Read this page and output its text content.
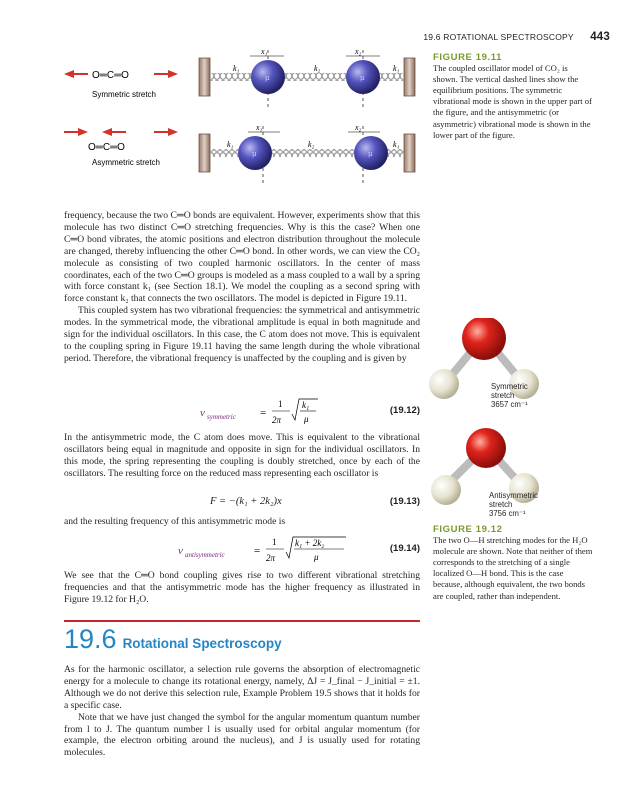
19.6 ROTATIONAL SPECTROSCOPY 443
O═C═O
Symmetric stretch
μ	μ
k₁	k₂	k₁
x₁	x₂
O═C═O
Asymmetric stretch
μ	μ
k₁	k₂	k₁
x₁	x₂
FIGURE 19.11
The coupled oscillator model of CO₂ is shown. The vertical dashed lines show the equilibrium positions. The symmetric vibrational mode is shown in the upper part of the figure, and the antisymmetric (or asymmetric) vibrational mode is shown in the lower part of the figure.

frequency, because the two C═O bonds are equivalent. However, experiments show that this molecule has two distinct C═O stretching frequencies. Why is this the case? When one C═O bond vibrates, the atomic positions and electron distribution throughout the molecule are changed, thereby influencing the other C═O bond. In other words, we can view the CO₂ molecule as consisting of two coupled harmonic oscillators. In the center of mass coordinates, each of the two C═O groups is modeled as a mass coupled to a wall by a spring with force constant k₁ (see Section 18.1). We model the coupling as a second spring with force constant k₂ that connects the two oscillators. The model is depicted in Figure 19.11.

This coupled system has two vibrational frequencies: the symmetrical and antisymmetric modes. In the symmetrical mode, the vibrational amplitude is equal in both magnitude and sign for the individual oscillators. In this case, the C atom does not move. This is equivalent to the coupling spring in Figure 19.11 having the same length during the whole vibrational period. Therefore, the vibrational frequency is unaffected by the coupling and is given by

ν symmetric =
1
2π
k₁
μ
(19.12)

In the antisymmetric mode, the C atom does move. This is equivalent to the vibrational oscillators being equal in magnitude and opposite in sign for the individual oscillators. In this mode, the spring representing the coupling is doubly stretched, once by each of the oscillators. The resulting force on the reduced mass representing each oscillator is

F = −(k₁ + 2k₂)x	(19.13)

and the resulting frequency of this antisymmetric mode is

ν antisymmetric	=
1
2π
k₁ + 2k₂
μ
(19.14)

We see that the C═O bond coupling gives rise to two different vibrational stretching frequencies and that the antisymmetric mode has the higher frequency as illustrated in Figure 19.12 for H₂O.

19.6 Rotational Spectroscopy

As for the harmonic oscillator, a selection rule governs the absorption of electromagnetic energy for a molecule to change its rotational energy, namely, ΔJ = J_final − J_initial = ±1. Although we do not derive this selection rule, Example Problem 19.5 shows that it holds for a specific case.

Note that we have just changed the symbol for the angular momentum quantum number from l to J. The quantum number l is usually used for orbital angular momentum (for example, the electron orbiting around the nucleus), and J is usually used for rotating molecules.

Symmetric
stretch
3657 cm⁻¹
Antisymmetric
stretch
3756 cm⁻¹
FIGURE 19.12
The two O—H stretching modes for the H₂O molecule are shown. Note that neither of them corresponds to the stretching of a single localized O—H bond. This is the case because, although equivalent, the two bonds are coupled, rather than independent.
